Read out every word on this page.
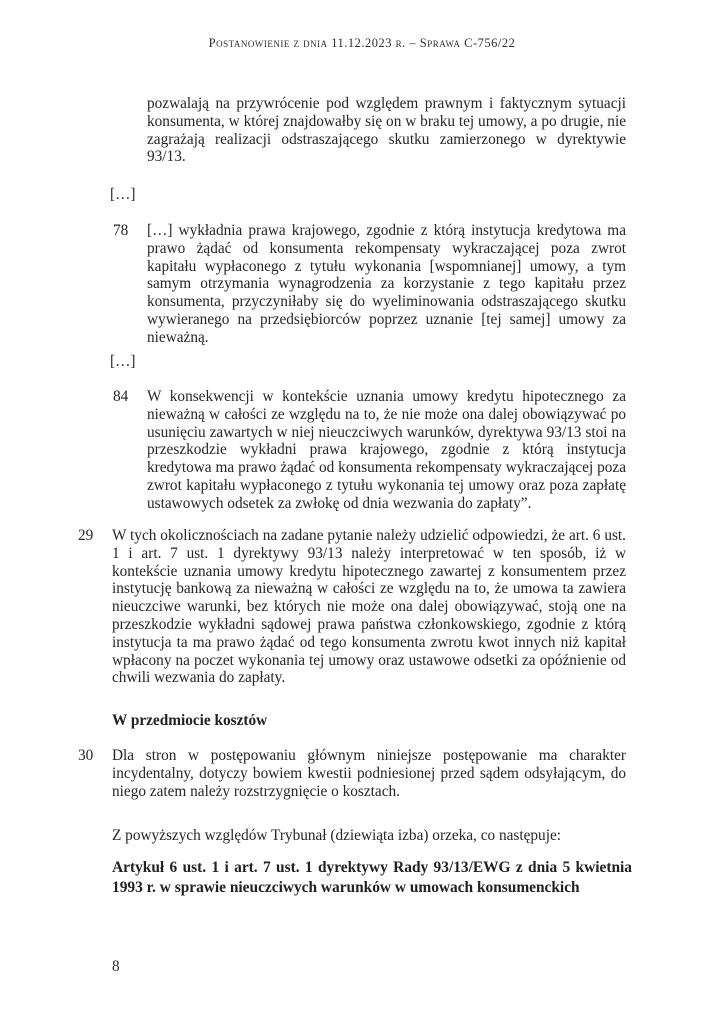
Postanowienie z dnia 11.12.2023 r. – Sprawa C-756/22
pozwalają na przywrócenie pod względem prawnym i faktycznym sytuacji konsumenta, w której znajdowałby się on w braku tej umowy, a po drugie, nie zagrażają realizacji odstraszającego skutku zamierzonego w dyrektywie 93/13.
[…]
78 […] wykładnia prawa krajowego, zgodnie z którą instytucja kredytowa ma prawo żądać od konsumenta rekompensaty wykraczającej poza zwrot kapitału wypłaconego z tytułu wykonania [wspomnianej] umowy, a tym samym otrzymania wynagrodzenia za korzystanie z tego kapitału przez konsumenta, przyczyniłaby się do wyeliminowania odstraszającego skutku wywieranego na przedsiębiorców poprzez uznanie [tej samej] umowy za nieważną.
[…]
84 W konsekwencji w kontekście uznania umowy kredytu hipotecznego za nieważną w całości ze względu na to, że nie może ona dalej obowiązywać po usunięciu zawartych w niej nieuczciwych warunków, dyrektywa 93/13 stoi na przeszkodzie wykładni prawa krajowego, zgodnie z którą instytucja kredytowa ma prawo żądać od konsumenta rekompensaty wykraczającej poza zwrot kapitału wypłaconego z tytułu wykonania tej umowy oraz poza zapłatę ustawowych odsetek za zwłokę od dnia wezwania do zapłaty”.
29 W tych okolicznościach na zadane pytanie należy udzielić odpowiedzi, że art. 6 ust. 1 i art. 7 ust. 1 dyrektywy 93/13 należy interpretować w ten sposób, iż w kontekście uznania umowy kredytu hipotecznego zawartej z konsumentem przez instytucję bankową za nieważną w całości ze względu na to, że umowa ta zawiera nieuczciwe warunki, bez których nie może ona dalej obowiązywać, stoją one na przeszkodzie wykładni sądowej prawa państwa członkowskiego, zgodnie z którą instytucja ta ma prawo żądać od tego konsumenta zwrotu kwot innych niż kapitał wpłacony na poczet wykonania tej umowy oraz ustawowe odsetki za opóźnienie od chwili wezwania do zapłaty.
W przedmiocie kosztów
30 Dla stron w postępowaniu głównym niniejsze postępowanie ma charakter incydentalny, dotyczy bowiem kwestii podniesionej przed sądem odsyłającym, do niego zatem należy rozstrzygnięcie o kosztach.
Z powyższych względów Trybunał (dziewiąta izba) orzeka, co następuje:
Artykuł 6 ust. 1 i art. 7 ust. 1 dyrektywy Rady 93/13/EWG z dnia 5 kwietnia 1993 r. w sprawie nieuczciwych warunków w umowach konsumenckich
8
